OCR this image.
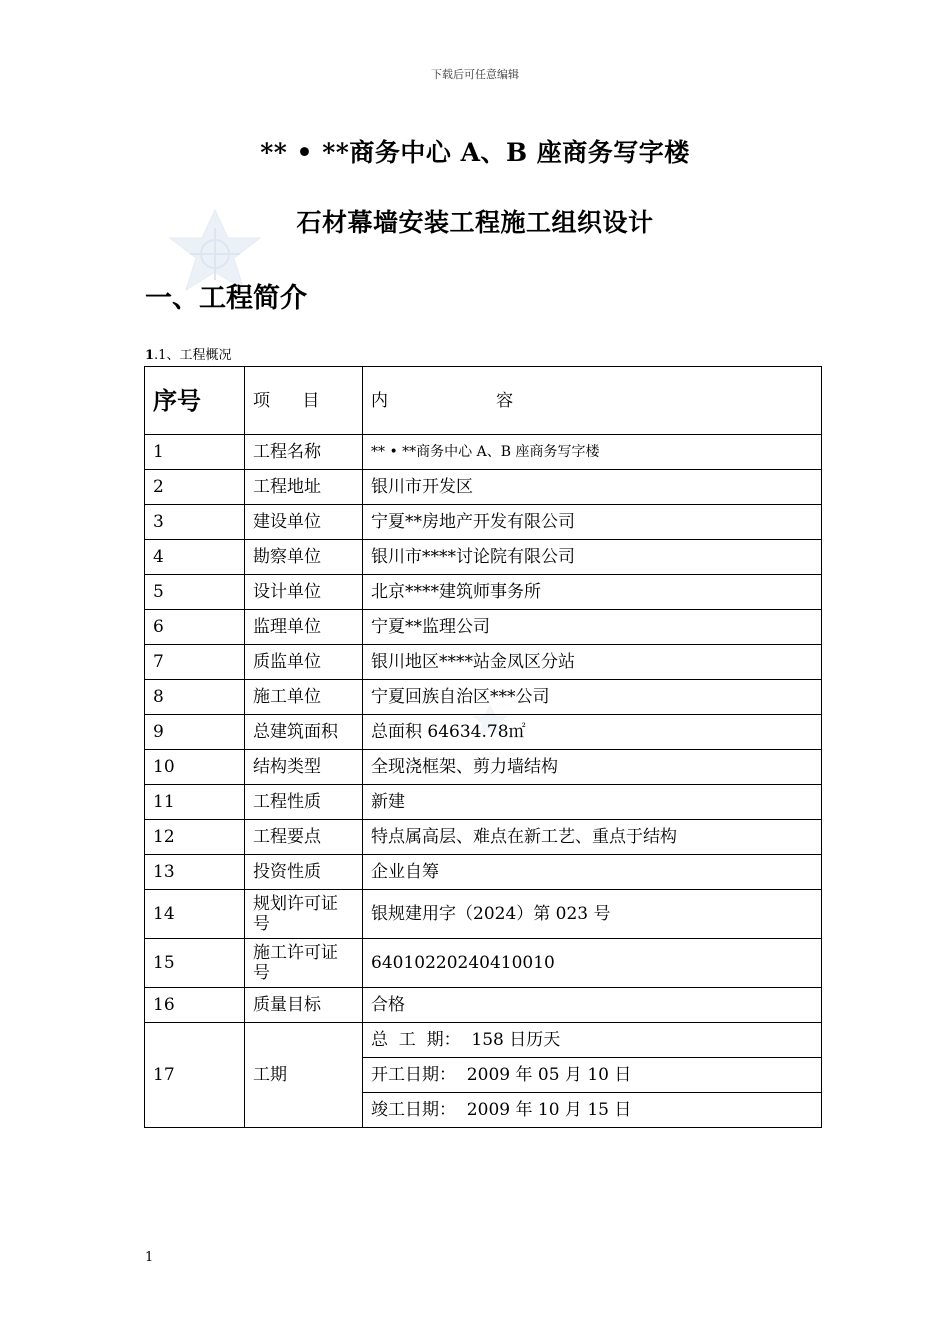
下载后可任意编辑
** • **商务中心 A、B 座商务写字楼
石材幕墙安装工程施工组织设计
一、工程简介
1.1、工程概况
序号	项      目	内                    容
1	工程名称	** • **商务中心 A、B 座商务写字楼
2	工程地址	银川市开发区
3	建设单位	宁夏**房地产开发有限公司
4	勘察单位	银川市****讨论院有限公司
5	设计单位	北京****建筑师事务所
6	监理单位	宁夏**监理公司
7	质监单位	银川地区****站金凤区分站
8	施工单位	宁夏回族自治区***公司
9	总建筑面积	总面积 64634.78㎡
10	结构类型	全现浇框架、剪力墙结构
11	工程性质	新建
12	工程要点	特点属高层、难点在新工艺、重点于结构
13	投资性质	企业自筹
14	规划许可证号	银规建用字（2024）第 023 号
15	施工许可证号	64010220240410010
16	质量目标	合格
17	工期	总  工  期：  158 日历天
		开工日期：  2009 年 05 月 10 日
		竣工日期：  2009 年 10 月 15 日
1
